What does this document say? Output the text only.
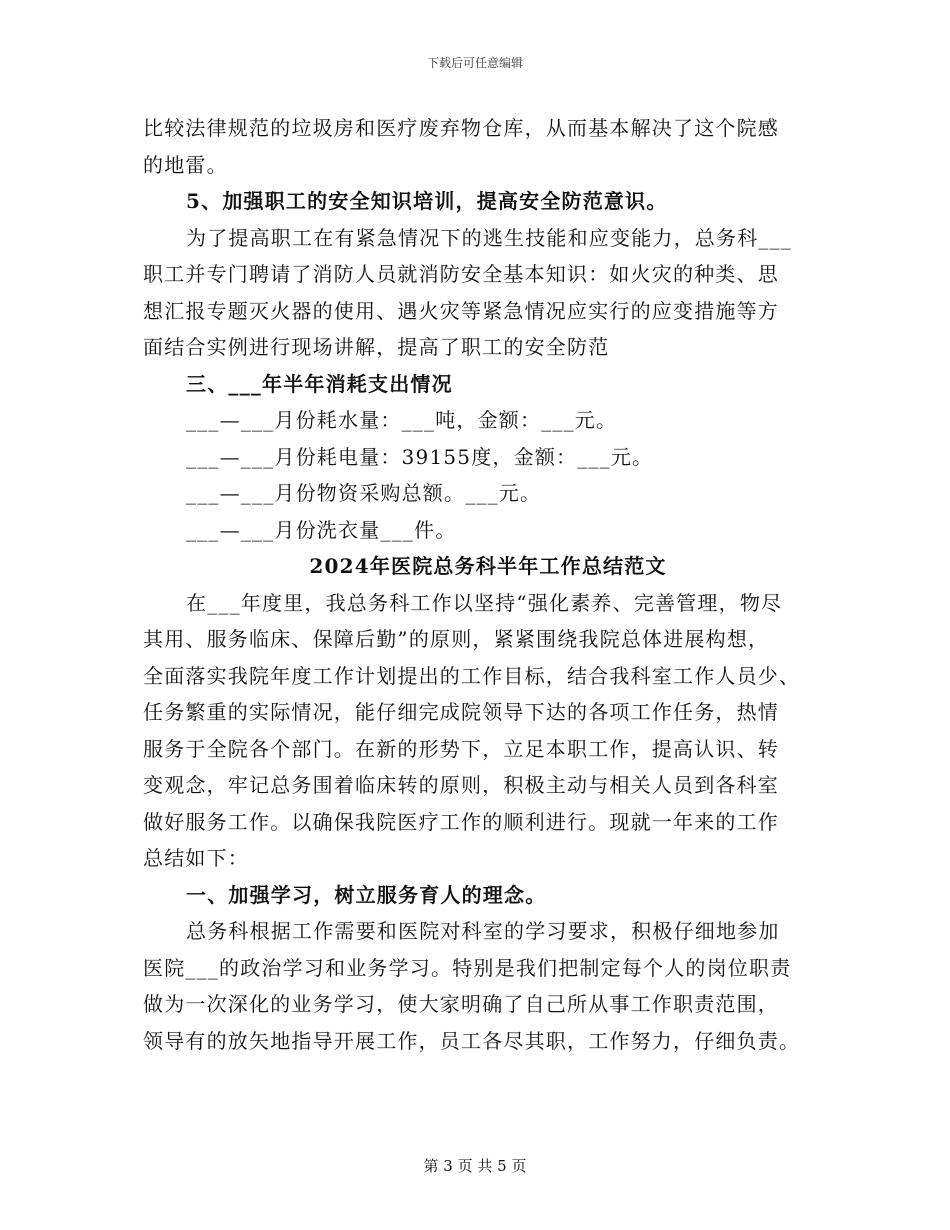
下载后可任意编辑
比较法律规范的垃圾房和医疗废弃物仓库，从而基本解决了这个院感
的地雷。
5、加强职工的安全知识培训，提高安全防范意识。
为了提高职工在有紧急情况下的逃生技能和应变能力，总务科___
职工并专门聘请了消防人员就消防安全基本知识：如火灾的种类、思
想汇报专题灭火器的使用、遇火灾等紧急情况应实行的应变措施等方
面结合实例进行现场讲解，提高了职工的安全防范
三、___年半年消耗支出情况
___—___月份耗水量：___吨，金额：___元。
___—___月份耗电量：39155度，金额：___元。
___—___月份物资采购总额。___元。
___—___月份洗衣量___件。
2024年医院总务科半年工作总结范文
在___年度里，我总务科工作以坚持“强化素养、完善管理，物尽
其用、服务临床、保障后勤”的原则，紧紧围绕我院总体进展构想，
全面落实我院年度工作计划提出的工作目标，结合我科室工作人员少、
任务繁重的实际情况，能仔细完成院领导下达的各项工作任务，热情
服务于全院各个部门。在新的形势下，立足本职工作，提高认识、转
变观念，牢记总务围着临床转的原则，积极主动与相关人员到各科室
做好服务工作。以确保我院医疗工作的顺利进行。现就一年来的工作
总结如下：
一、加强学习，树立服务育人的理念。
总务科根据工作需要和医院对科室的学习要求，积极仔细地参加
医院___的政治学习和业务学习。特别是我们把制定每个人的岗位职责
做为一次深化的业务学习，使大家明确了自己所从事工作职责范围，
领导有的放矢地指导开展工作，员工各尽其职，工作努力，仔细负责。
第 3 页 共 5 页
